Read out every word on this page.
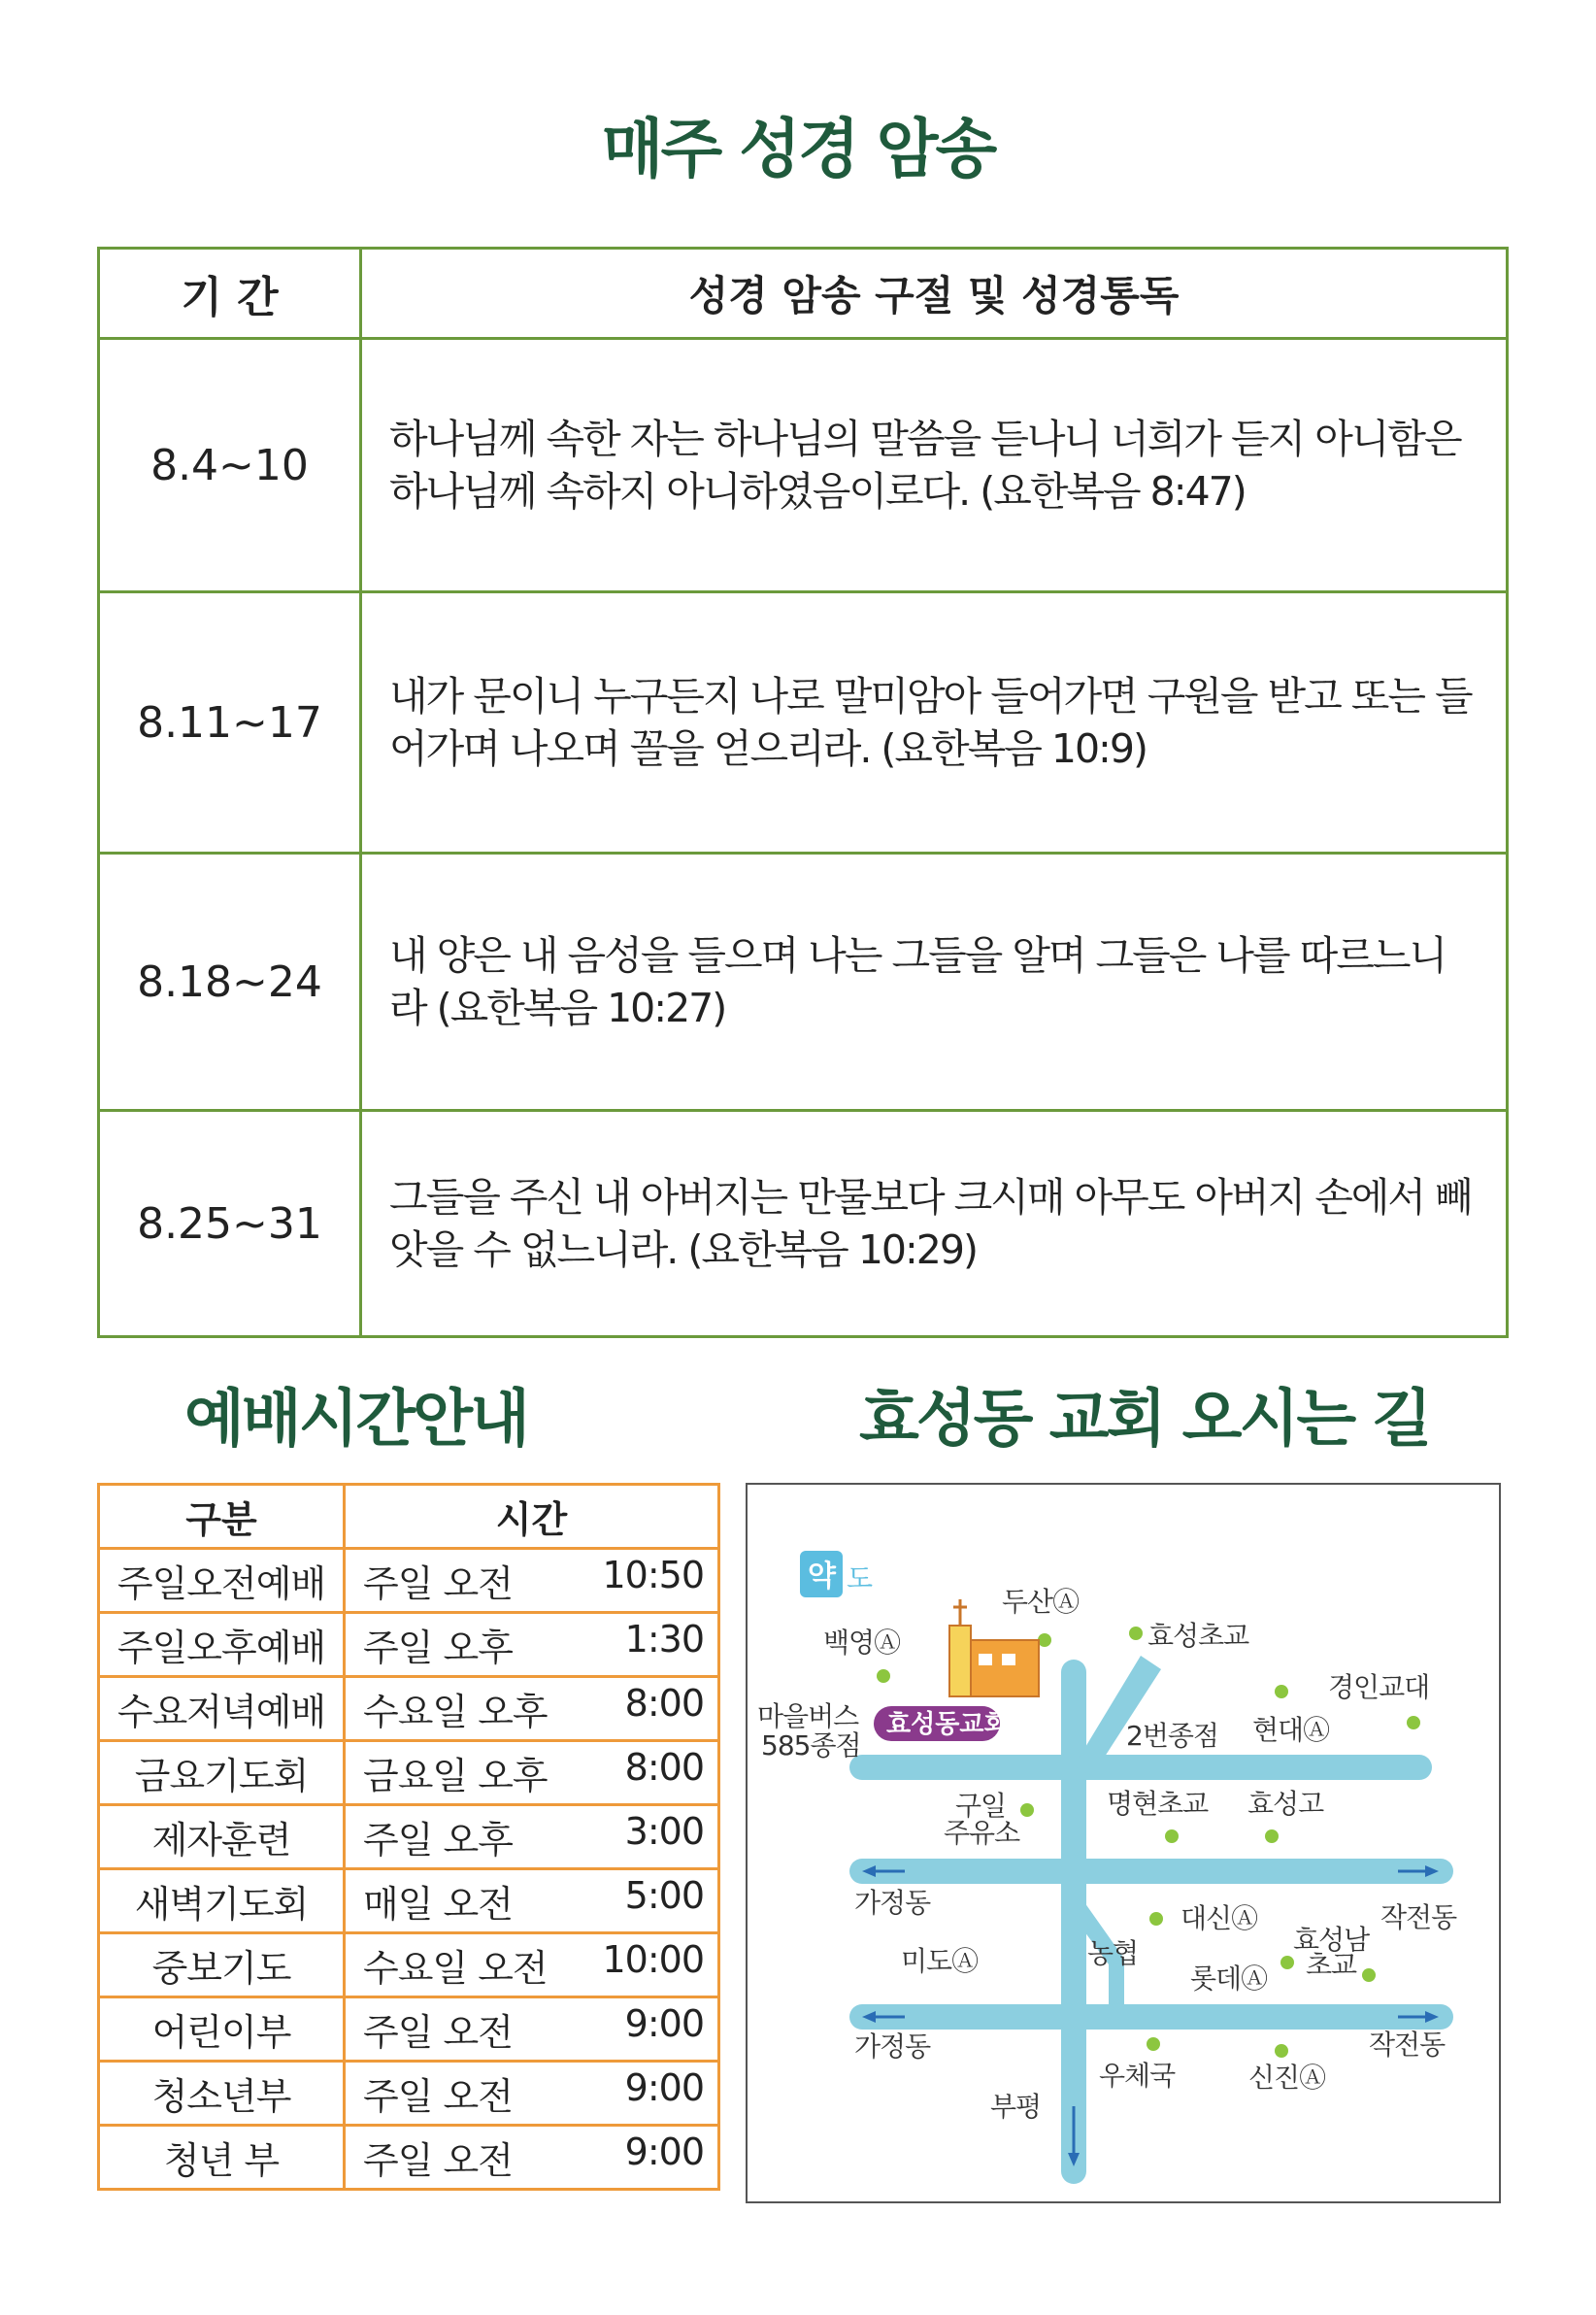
매주 성경 암송
기 간	성경 암송 구절 및 성경통독
8.4~10	하나님께 속한 자는 하나님의 말씀을 듣나니 너희가 듣지 아니함은 하나님께 속하지 아니하였음이로다. (요한복음 8:47)
8.11~17	내가 문이니 누구든지 나로 말미암아 들어가면 구원을 받고 또는 들어가며 나오며 꼴을 얻으리라. (요한복음 10:9)
8.18~24	내 양은 내 음성을 들으며 나는 그들을 알며 그들은 나를 따르느니라 (요한복음 10:27)
8.25~31	그들을 주신 내 아버지는 만물보다 크시매 아무도 아버지 손에서 빼앗을 수 없느니라. (요한복음 10:29)
예배시간안내	효성동 교회 오시는 길
구분	시간
주일오전예배	주일 오전 10:50

주일오후예배	주일 오후 1:30

수요저녁예배	수요일 오후 8:00

금요기도회	금요일 오후 8:00

제자훈련	주일 오후 3:00

새벽기도회	매일 오전 5:00

중보기도	수요일 오전 10:00

어린이부	주일 오전 9:00

청소년부	주일 오전 9:00

청년 부	주일 오전 9:00
약 도
효성동교회
두산Ⓐ
효성초교
백영Ⓐ
경인교대
마을버스
585종점	2번종점 현대Ⓐ
구일
주유소
명현초교 효성고
가정동	대신Ⓐ	작전동
효성남
초교
미도Ⓐ	농협
롯데Ⓐ
가정동	작전동
우체국	신진Ⓐ
부평
